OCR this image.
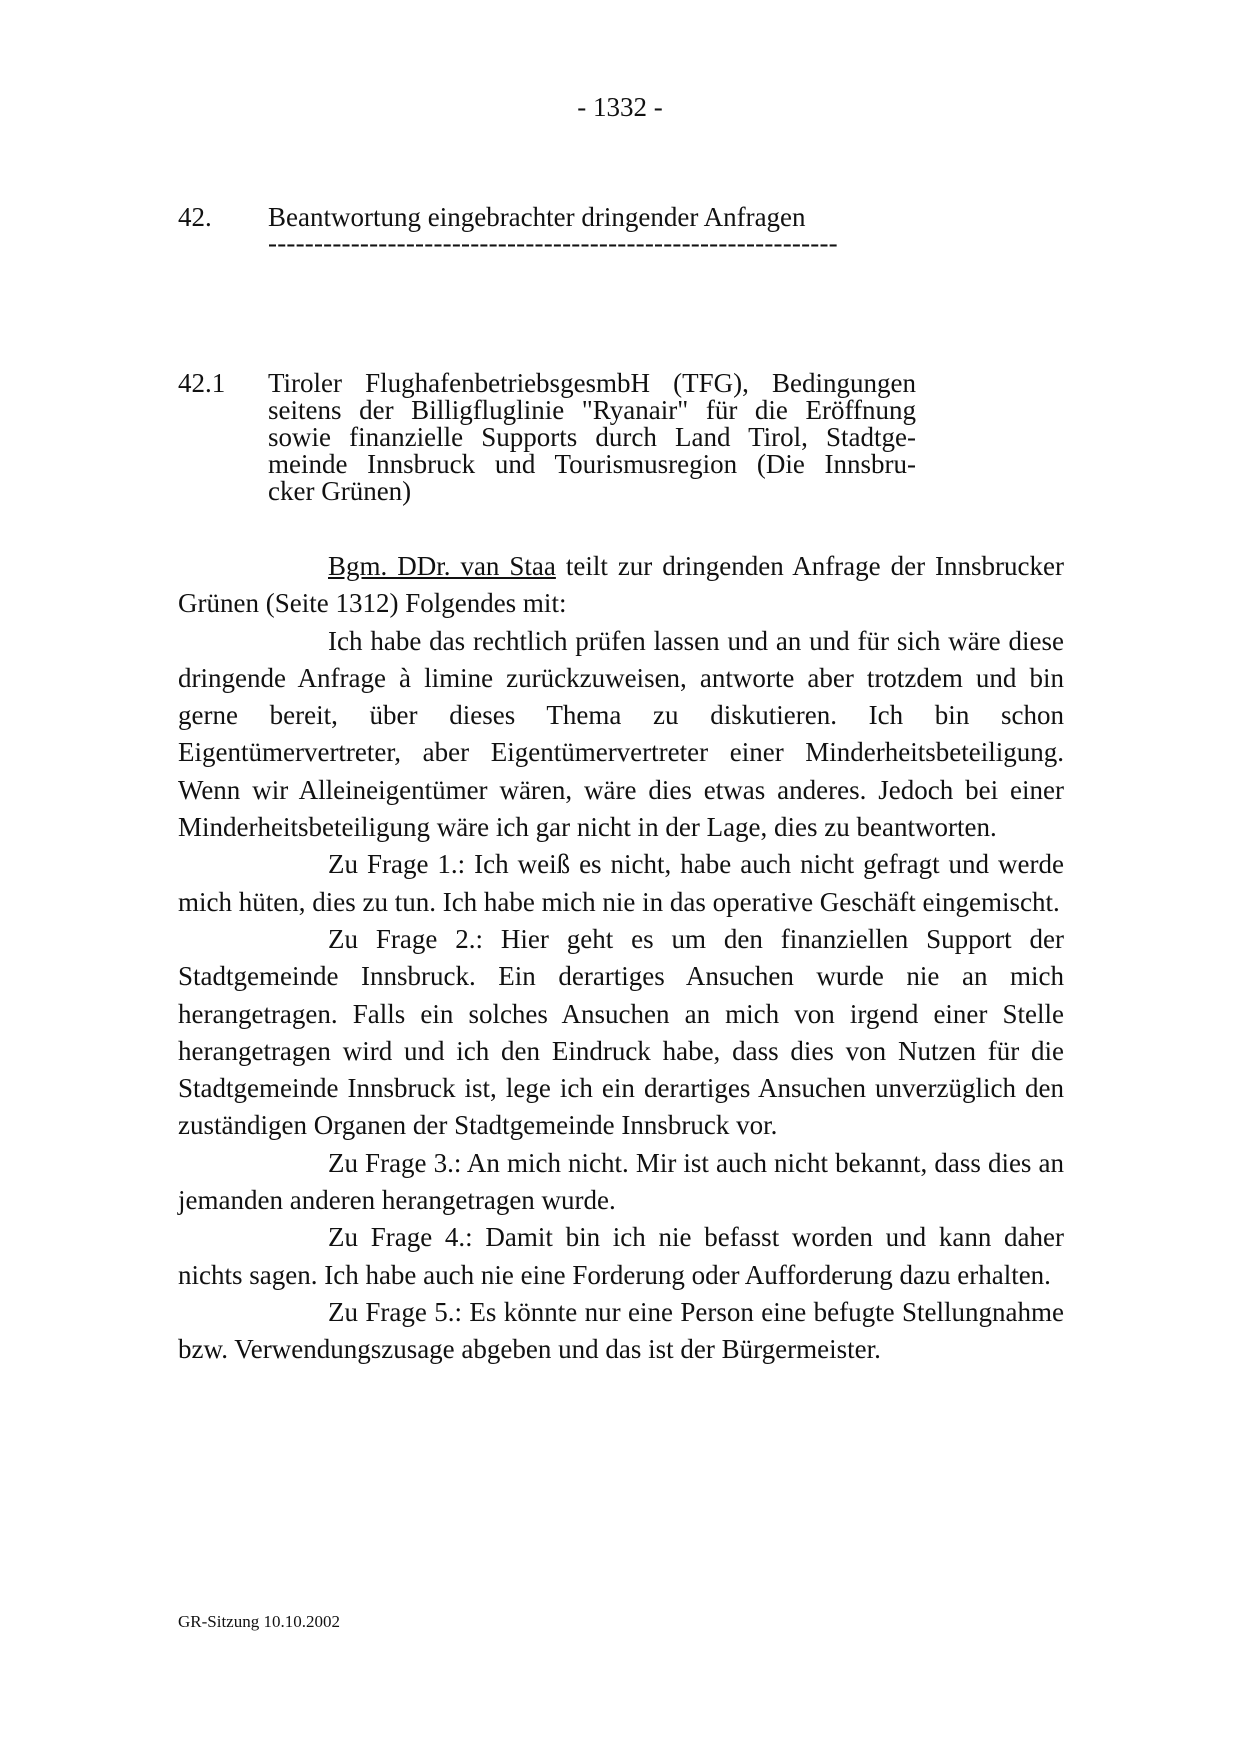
- 1332 -
42. Beantwortung eingebrachter dringender Anfragen
--------------------------------------------------------------
42.1 Tiroler FlughafenbetriebsgesmbH (TFG), Bedingungen
seitens der Billigfluglinie "Ryanair" für die Eröffnung
sowie finanzielle Supports durch Land Tirol, Stadtge-
meinde Innsbruck und Tourismusregion (Die Innsbru-
cker Grünen)

Bgm. DDr. van Staa teilt zur dringenden Anfrage der Innsbrucker Grünen (Seite 1312) Folgendes mit:

Ich habe das rechtlich prüfen lassen und an und für sich wäre diese dringende Anfrage à limine zurückzuweisen, antworte aber trotzdem und bin gerne bereit, über dieses Thema zu diskutieren. Ich bin schon Eigentümervertreter, aber Eigentümervertreter einer Minderheitsbeteiligung. Wenn wir Alleineigentümer wären, wäre dies etwas anderes. Jedoch bei einer Minderheitsbeteiligung wäre ich gar nicht in der Lage, dies zu beantworten.

Zu Frage 1.: Ich weiß es nicht, habe auch nicht gefragt und werde mich hüten, dies zu tun. Ich habe mich nie in das operative Geschäft eingemischt.

Zu Frage 2.: Hier geht es um den finanziellen Support der Stadtgemeinde Innsbruck. Ein derartiges Ansuchen wurde nie an mich herangetragen. Falls ein solches Ansuchen an mich von irgend einer Stelle herangetragen wird und ich den Eindruck habe, dass dies von Nutzen für die Stadtgemeinde Innsbruck ist, lege ich ein derartiges Ansuchen unverzüglich den zuständigen Organen der Stadtgemeinde Innsbruck vor.

Zu Frage 3.: An mich nicht. Mir ist auch nicht bekannt, dass dies an jemanden anderen herangetragen wurde.

Zu Frage 4.: Damit bin ich nie befasst worden und kann daher nichts sagen. Ich habe auch nie eine Forderung oder Aufforderung dazu erhalten.

Zu Frage 5.: Es könnte nur eine Person eine befugte Stellungnahme bzw. Verwendungszusage abgeben und das ist der Bürgermeister.

GR-Sitzung 10.10.2002
